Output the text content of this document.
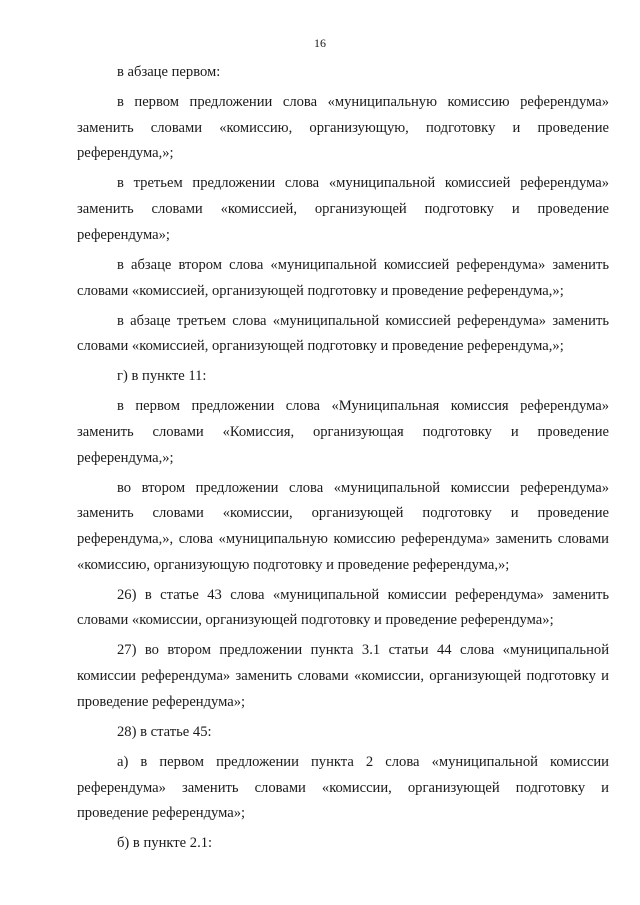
16

в абзаце первом:

в первом предложении слова «муниципальную комиссию референдума» заменить словами «комиссию, организующую, подготовку и проведение референдума,»;

в третьем предложении слова «муниципальной комиссией референдума» заменить словами «комиссией, организующей подготовку и проведение референдума»;

в абзаце втором слова «муниципальной комиссией референдума» заменить словами «комиссией, организующей подготовку и проведение референдума,»;

в абзаце третьем слова «муниципальной комиссией референдума» заменить словами «комиссией, организующей подготовку и проведение референдума,»;

г) в пункте 11:

в первом предложении слова «Муниципальная комиссия референдума» заменить словами «Комиссия, организующая подготовку и проведение референдума,»;

во втором предложении слова «муниципальной комиссии референдума» заменить словами «комиссии, организующей подготовку и проведение референдума,», слова «муниципальную комиссию референдума» заменить словами «комиссию, организующую подготовку и проведение референдума,»;

26) в статье 43 слова «муниципальной комиссии референдума» заменить словами «комиссии, организующей подготовку и проведение референдума»;

27) во втором предложении пункта 3.1 статьи 44 слова «муниципальной комиссии референдума» заменить словами «комиссии, организующей подготовку и проведение референдума»;

28) в статье 45:

а) в первом предложении пункта 2 слова «муниципальной комиссии референдума» заменить словами «комиссии, организующей подготовку и проведение референдума»;

б) в пункте 2.1:
